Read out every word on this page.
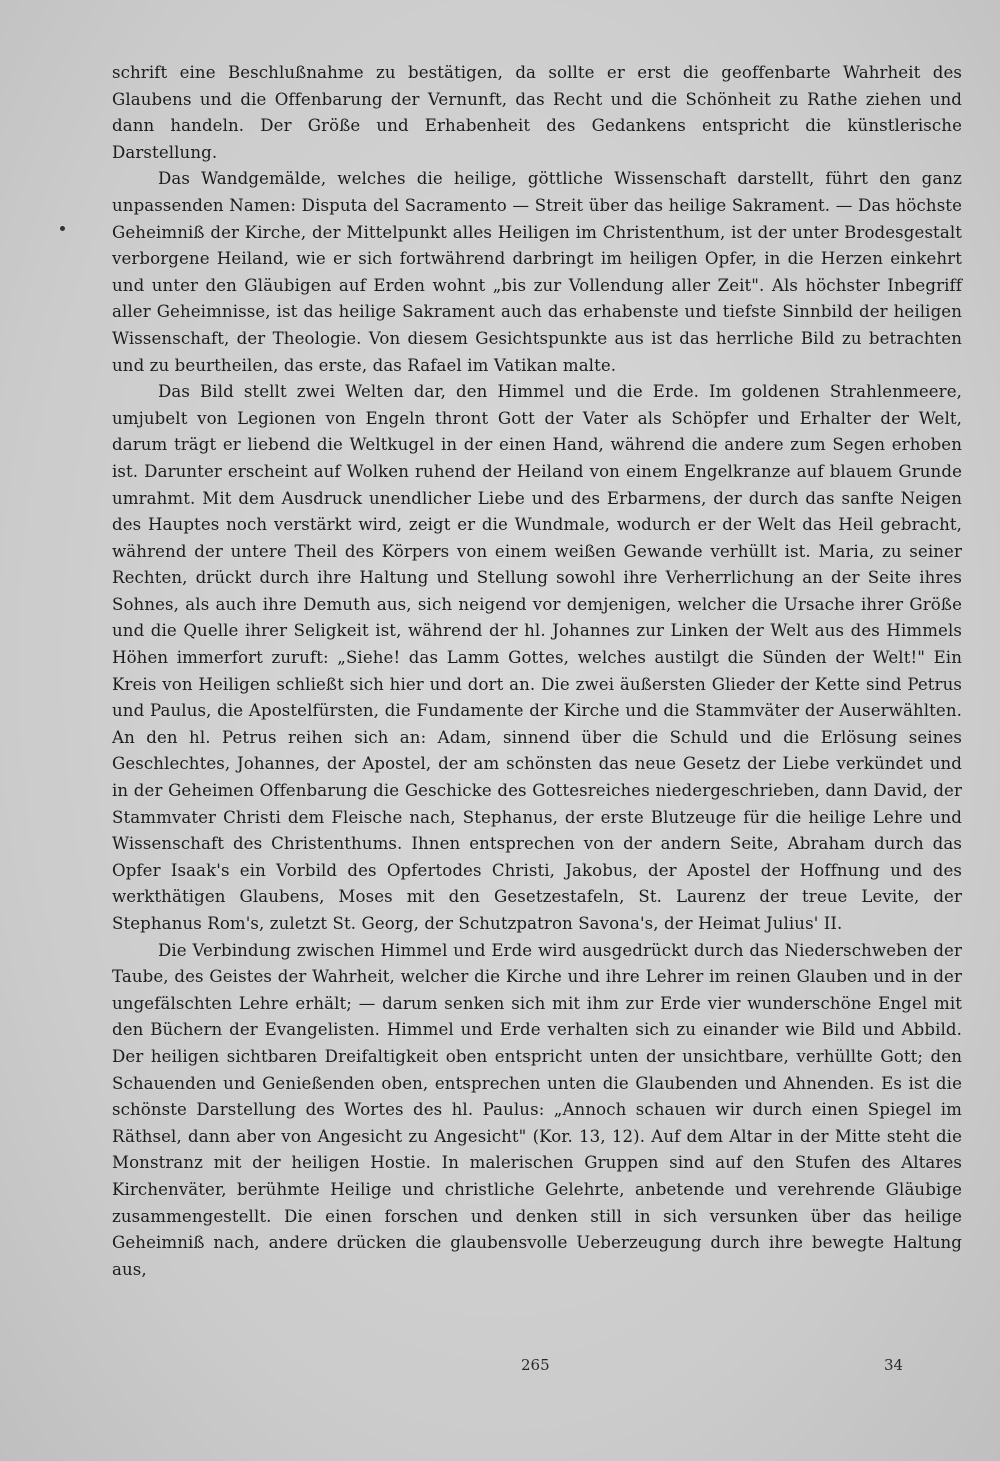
schrift eine Beschlußnahme zu bestätigen, da sollte er erst die geoffenbarte Wahrheit des Glaubens und die Offenbarung der Vernunft, das Recht und die Schönheit zu Rathe ziehen und dann handeln. Der Größe und Erhabenheit des Gedankens entspricht die künstlerische Darstellung.

Das Wandgemälde, welches die heilige, göttliche Wissenschaft darstellt, führt den ganz unpassenden Namen: Disputa del Sacramento — Streit über das heilige Sakrament. — Das höchste Geheimniß der Kirche, der Mittelpunkt alles Heiligen im Christenthum, ist der unter Brodesgestalt verborgene Heiland, wie er sich fortwährend darbringt im heiligen Opfer, in die Herzen einkehrt und unter den Gläubigen auf Erden wohnt „bis zur Vollendung aller Zeit". Als höchster Inbegriff aller Geheimnisse, ist das heilige Sakrament auch das erhabenste und tiefste Sinnbild der heiligen Wissenschaft, der Theologie. Von diesem Gesichtspunkte aus ist das herrliche Bild zu betrachten und zu beurtheilen, das erste, das Rafael im Vatikan malte.

Das Bild stellt zwei Welten dar, den Himmel und die Erde. Im goldenen Strahlenmeere, umjubelt von Legionen von Engeln thront Gott der Vater als Schöpfer und Erhalter der Welt, darum trägt er liebend die Weltkugel in der einen Hand, während die andere zum Segen erhoben ist. Darunter erscheint auf Wolken ruhend der Heiland von einem Engelkranze auf blauem Grunde umrahmt. Mit dem Ausdruck unendlicher Liebe und des Erbarmens, der durch das sanfte Neigen des Hauptes noch verstärkt wird, zeigt er die Wundmale, wodurch er der Welt das Heil gebracht, während der untere Theil des Körpers von einem weißen Gewande verhüllt ist. Maria, zu seiner Rechten, drückt durch ihre Haltung und Stellung sowohl ihre Verherrlichung an der Seite ihres Sohnes, als auch ihre Demuth aus, sich neigend vor demjenigen, welcher die Ursache ihrer Größe und die Quelle ihrer Seligkeit ist, während der hl. Johannes zur Linken der Welt aus des Himmels Höhen immerfort zuruft: „Siehe! das Lamm Gottes, welches austilgt die Sünden der Welt!" Ein Kreis von Heiligen schließt sich hier und dort an. Die zwei äußersten Glieder der Kette sind Petrus und Paulus, die Apostelfürsten, die Fundamente der Kirche und die Stammväter der Auserwählten. An den hl. Petrus reihen sich an: Adam, sinnend über die Schuld und die Erlösung seines Geschlechtes, Johannes, der Apostel, der am schönsten das neue Gesetz der Liebe verkündet und in der Geheimen Offenbarung die Geschicke des Gottesreiches niedergeschrieben, dann David, der Stammvater Christi dem Fleische nach, Stephanus, der erste Blutzeuge für die heilige Lehre und Wissenschaft des Christenthums. Ihnen entsprechen von der andern Seite, Abraham durch das Opfer Isaak's ein Vorbild des Opfertodes Christi, Jakobus, der Apostel der Hoffnung und des werkthätigen Glaubens, Moses mit den Gesetzestafeln, St. Laurenz der treue Levite, der Stephanus Rom's, zuletzt St. Georg, der Schutzpatron Savona's, der Heimat Julius' II.

Die Verbindung zwischen Himmel und Erde wird ausgedrückt durch das Niederschweben der Taube, des Geistes der Wahrheit, welcher die Kirche und ihre Lehrer im reinen Glauben und in der ungefälschten Lehre erhält; — darum senken sich mit ihm zur Erde vier wunderschöne Engel mit den Büchern der Evangelisten. Himmel und Erde verhalten sich zu einander wie Bild und Abbild. Der heiligen sichtbaren Dreifaltigkeit oben entspricht unten der unsichtbare, verhüllte Gott; den Schauenden und Genießenden oben, entsprechen unten die Glaubenden und Ahnenden. Es ist die schönste Darstellung des Wortes des hl. Paulus: „Annoch schauen wir durch einen Spiegel im Räthsel, dann aber von Angesicht zu Angesicht" (Kor. 13, 12). Auf dem Altar in der Mitte steht die Monstranz mit der heiligen Hostie. In malerischen Gruppen sind auf den Stufen des Altares Kirchenväter, berühmte Heilige und christliche Gelehrte, anbetende und verehrende Gläubige zusammengestellt. Die einen forschen und denken still in sich versunken über das heilige Geheimniß nach, andere drücken die glaubensvolle Ueberzeugung durch ihre bewegte Haltung aus,

265	34
